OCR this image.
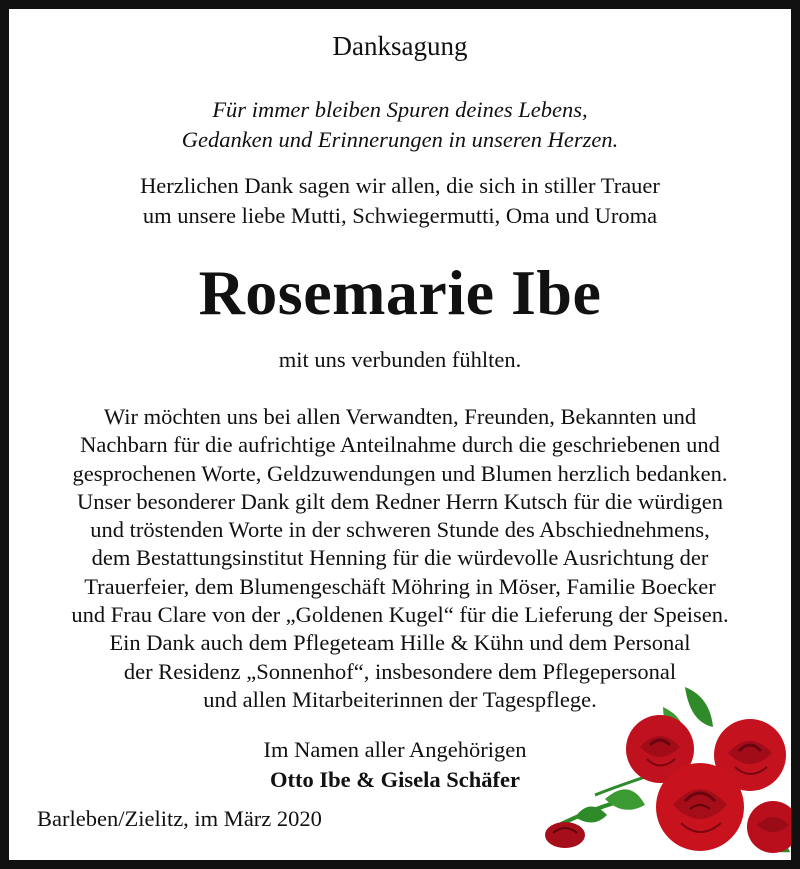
Danksagung
Für immer bleiben Spuren deines Lebens,
Gedanken und Erinnerungen in unseren Herzen.
Herzlichen Dank sagen wir allen, die sich in stiller Trauer
um unsere liebe Mutti, Schwiegermutti, Oma und Uroma
Rosemarie Ibe
mit uns verbunden fühlten.
Wir möchten uns bei allen Verwandten, Freunden, Bekannten und
Nachbarn für die aufrichtige Anteilnahme durch die geschriebenen und
gesprochenen Worte, Geldzuwendungen und Blumen herzlich bedanken.
Unser besonderer Dank gilt dem Redner Herrn Kutsch für die würdigen
und tröstenden Worte in der schweren Stunde des Abschiednehmens,
dem Bestattungsinstitut Henning für die würdevolle Ausrichtung der
Trauerfeier, dem Blumengeschäft Möhring in Möser, Familie Boecker
und Frau Clare von der „Goldenen Kugel“ für die Lieferung der Speisen.
Ein Dank auch dem Pflegeteam Hille & Kühn und dem Personal
der Residenz „Sonnenhof“, insbesondere dem Pflegepersonal
und allen Mitarbeiterinnen der Tagespflege.
Im Namen aller Angehörigen
Otto Ibe & Gisela Schäfer
Barleben/Zielitz, im März 2020
